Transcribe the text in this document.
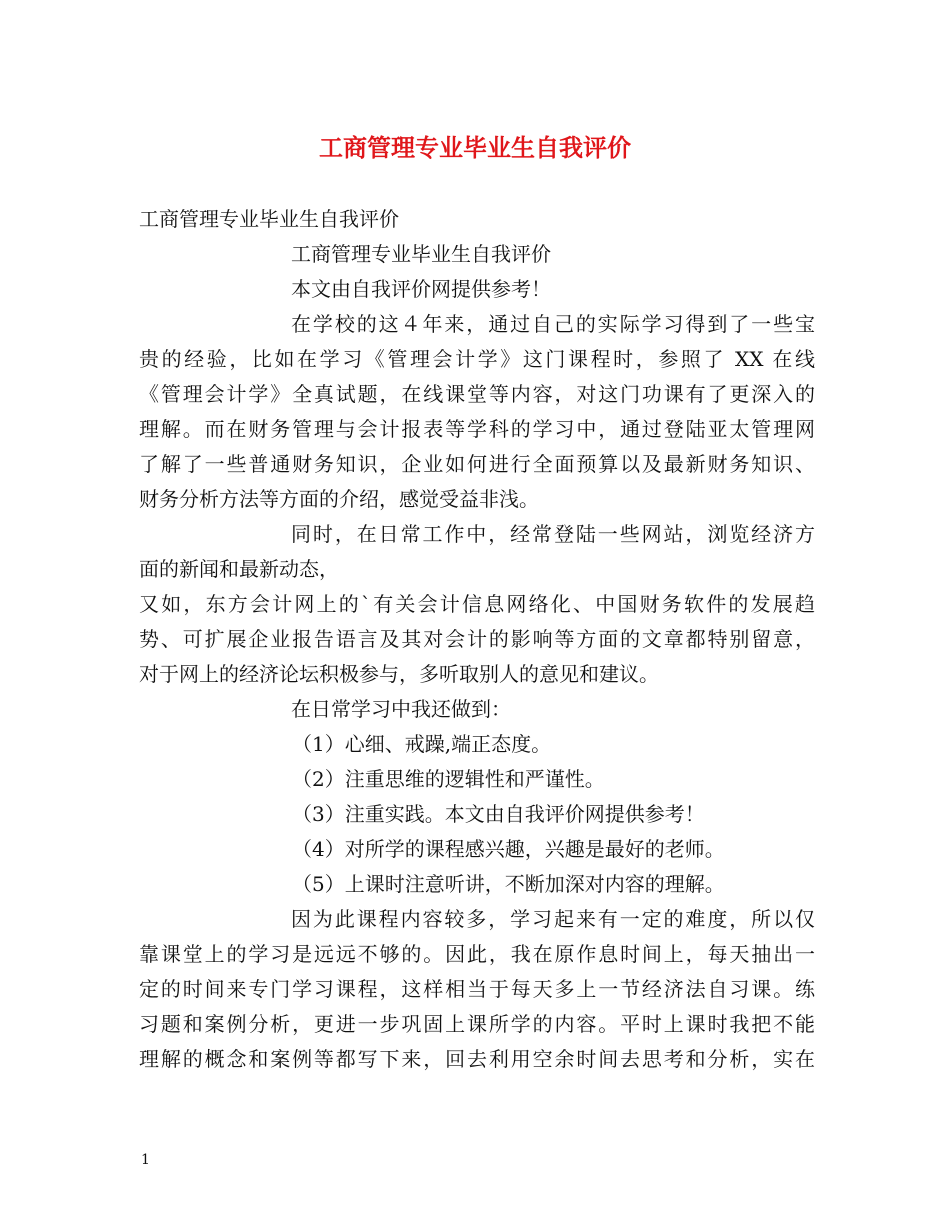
工商管理专业毕业生自我评价
工商管理专业毕业生自我评价
工商管理专业毕业生自我评价
本文由自我评价网提供参考！
在学校的这４年来，通过自己的实际学习得到了一些宝
贵的经验，比如在学习《管理会计学》这门课程时，参照了 XX 在线
《管理会计学》全真试题，在线课堂等内容，对这门功课有了更深入的
理解。而在财务管理与会计报表等学科的学习中，通过登陆亚太管理网
了解了一些普通财务知识，企业如何进行全面预算以及最新财务知识、
财务分析方法等方面的介绍，感觉受益非浅。
同时，在日常工作中，经常登陆一些网站，浏览经济方
面的新闻和最新动态，
又如，东方会计网上的`有关会计信息网络化、中国财务软件的发展趋
势、可扩展企业报告语言及其对会计的影响等方面的文章都特别留意，
对于网上的经济论坛积极参与，多听取别人的意见和建议。
在日常学习中我还做到：
（1）心细、戒躁,端正态度。
（2）注重思维的逻辑性和严谨性。
（3）注重实践。本文由自我评价网提供参考！
（4）对所学的课程感兴趣，兴趣是最好的老师。
（5）上课时注意听讲，不断加深对内容的理解。
因为此课程内容较多，学习起来有一定的难度，所以仅
靠课堂上的学习是远远不够的。因此，我在原作息时间上，每天抽出一
定的时间来专门学习课程，这样相当于每天多上一节经济法自习课。练
习题和案例分析，更进一步巩固上课所学的内容。平时上课时我把不能
理解的概念和案例等都写下来，回去利用空余时间去思考和分析，实在
1
